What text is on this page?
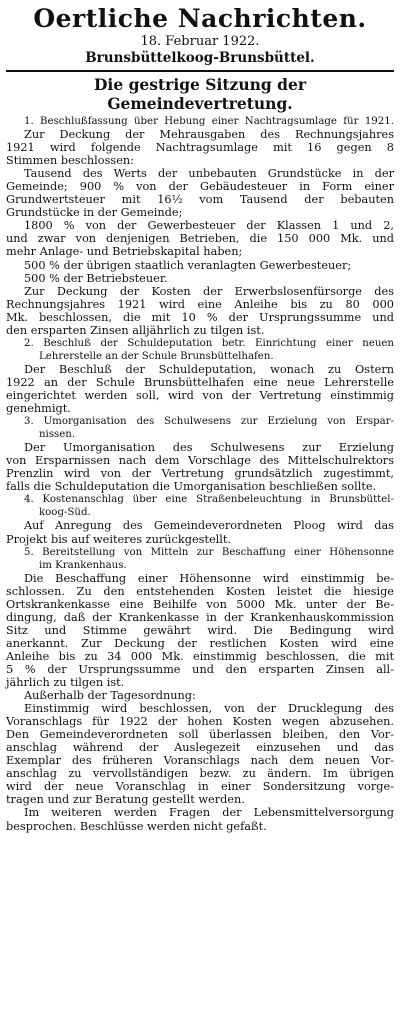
Oertliche Nachrichten.
18. Februar 1922.
Brunsbüttelkoog-Brunsbüttel.
Die gestrige Sitzung der Gemeindevertretung.
1. Beschlußfassung über Hebung einer Nachtragsumlage für 1921.
Zur Deckung der Mehrausgaben des Rechnungsjahres
1921 wird folgende Nachtragsumlage mit 16 gegen 8
Stimmen beschlossen:
Tausend des Werts der unbebauten Grundstücke in der
Gemeinde; 900 % von der Gebäudesteuer in Form einer
Grundwertsteuer mit 16½ vom Tausend der bebauten
Grundstücke in der Gemeinde;
1800 % von der Gewerbesteuer der Klassen 1 und 2,
und zwar von denjenigen Betrieben, die 150 000 Mk. und
mehr Anlage- und Betriebskapital haben;
500 % der übrigen staatlich veranlagten Gewerbesteuer;
500 % der Betriebsteuer.
Zur Deckung der Kosten der Erwerbslosenfürsorge des
Rechnungsjahres 1921 wird eine Anleihe bis zu 80 000
Mk. beschlossen, die mit 10 % der Ursprungssumme und
den ersparten Zinsen alljährlich zu tilgen ist.
2. Beschluß der Schuldeputation betr. Einrichtung einer neuen
Lehrerstelle an der Schule Brunsbüttelhafen.
Der Beschluß der Schuldeputation, wonach zu Ostern
1922 an der Schule Brunsbüttelhafen eine neue Lehrerstelle
eingerichtet werden soll, wird von der Vertretung einstimmig
genehmigt.
3. Umorganisation des Schulwesens zur Erzielung von Erspar-
nissen.
Der Umorganisation des Schulwesens zur Erzielung
von Ersparnissen nach dem Vorschlage des Mittelschulrektors
Prenzlin wird von der Vertretung grundsätzlich zugestimmt,
falls die Schuldeputation die Umorganisation beschließen sollte.
4. Kostenanschlag über eine Straßenbeleuchtung in Brunsbüttel-
koog-Süd.
Auf Anregung des Gemeindeverordneten Ploog wird das
Projekt bis auf weiteres zurückgestellt.
5. Bereitstellung von Mitteln zur Beschaffung einer Höhensonne
im Krankenhaus.
Die Beschaffung einer Höhensonne wird einstimmig be-
schlossen. Zu den entstehenden Kosten leistet die hiesige
Ortskrankenkasse eine Beihilfe von 5000 Mk. unter der Be-
dingung, daß der Krankenkasse in der Krankenhauskommission
Sitz und Stimme gewährt wird. Die Bedingung wird
anerkannt. Zur Deckung der restlichen Kosten wird eine
Anleihe bis zu 34 000 Mk. einstimmig beschlossen, die mit
5 % der Ursprungssumme und den ersparten Zinsen all-
jährlich zu tilgen ist.
Außerhalb der Tagesordnung:
Einstimmig wird beschlossen, von der Drucklegung des
Voranschlags für 1922 der hohen Kosten wegen abzusehen.
Den Gemeindeverordneten soll überlassen bleiben, den Vor-
anschlag während der Auslegezeit einzusehen und das
Exemplar des früheren Voranschlags nach dem neuen Vor-
anschlag zu vervollständigen bezw. zu ändern. Im übrigen
wird der neue Voranschlag in einer Sondersitzung vorge-
tragen und zur Beratung gestellt werden.
Im weiteren werden Fragen der Lebensmittelversorgung
besprochen. Beschlüsse werden nicht gefaßt.
